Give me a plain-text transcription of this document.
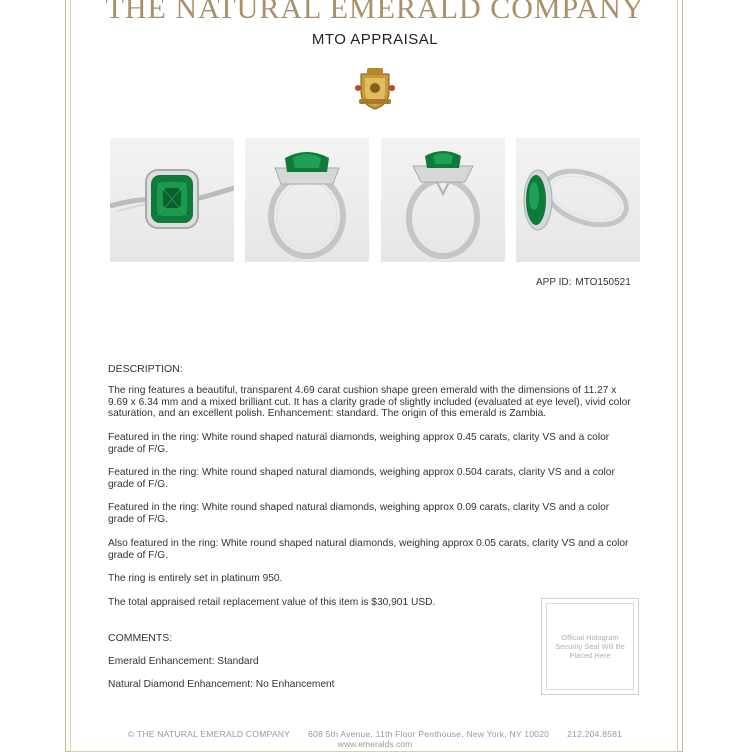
THE NATURAL EMERALD COMPANY
MTO APPRAISAL
APP ID: MTO150521
DESCRIPTION:
The ring features a beautiful, transparent 4.69 carat cushion shape green emerald with the dimensions of 11.27 x 9.69 x 6.34 mm and a mixed brilliant cut. It has a clarity grade of slightly included (evaluated at eye level), vivid color saturation, and an excellent polish. Enhancement: standard. The origin of this emerald is Zambia.
Featured in the ring: White round shaped natural diamonds, weighing approx 0.45 carats, clarity VS and a color grade of F/G.
Featured in the ring: White round shaped natural diamonds, weighing approx 0.504 carats, clarity VS and a color grade of F/G.
Featured in the ring: White round shaped natural diamonds, weighing approx 0.09 carats, clarity VS and a color grade of F/G.
Also featured in the ring: White round shaped natural diamonds, weighing approx 0.05 carats, clarity VS and a color grade of F/G.
The ring is entirely set in platinum 950.
The total appraised retail replacement value of this item is $30,901 USD.
COMMENTS:
Emerald Enhancement: Standard
Natural Diamond Enhancement: No Enhancement
Official Hologram Security Seal Will Be Placed Here
© THE NATURAL EMERALD COMPANY 608 5th Avenue, 11th Floor Penthouse, New York, NY 10020 212.204.8581
www.emeralds.com
